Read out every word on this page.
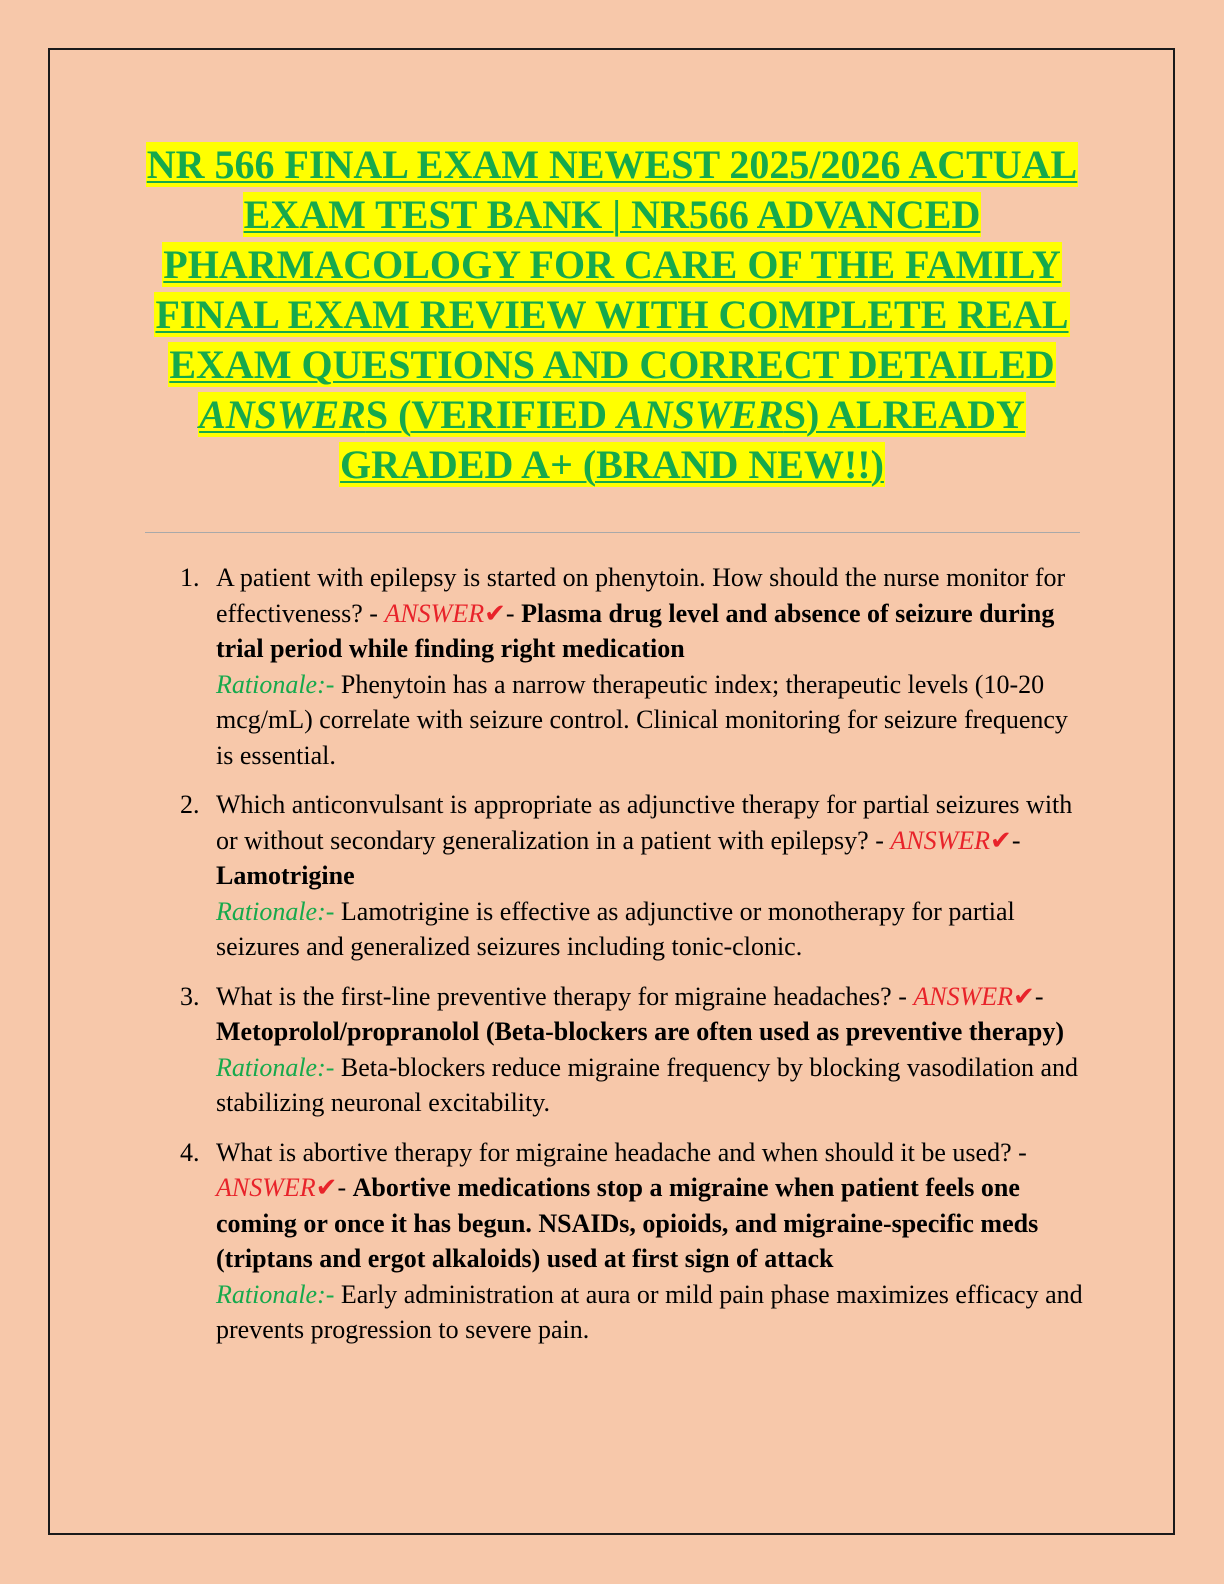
NR 566 FINAL EXAM NEWEST 2025/2026 ACTUAL EXAM TEST BANK | NR566 ADVANCED PHARMACOLOGY FOR CARE OF THE FAMILY FINAL EXAM REVIEW WITH COMPLETE REAL EXAM QUESTIONS AND CORRECT DETAILED ANSWERS (VERIFIED ANSWERS) ALREADY GRADED A+ (BRAND NEW!!)
1. A patient with epilepsy is started on phenytoin. How should the nurse monitor for effectiveness? - ANSWER✔- Plasma drug level and absence of seizure during trial period while finding right medication
Rationale:- Phenytoin has a narrow therapeutic index; therapeutic levels (10-20 mcg/mL) correlate with seizure control. Clinical monitoring for seizure frequency is essential.
2. Which anticonvulsant is appropriate as adjunctive therapy for partial seizures with or without secondary generalization in a patient with epilepsy? - ANSWER✔- Lamotrigine
Rationale:- Lamotrigine is effective as adjunctive or monotherapy for partial seizures and generalized seizures including tonic-clonic.
3. What is the first-line preventive therapy for migraine headaches? - ANSWER✔- Metoprolol/propranolol (Beta-blockers are often used as preventive therapy)
Rationale:- Beta-blockers reduce migraine frequency by blocking vasodilation and stabilizing neuronal excitability.
4. What is abortive therapy for migraine headache and when should it be used? - ANSWER✔- Abortive medications stop a migraine when patient feels one coming or once it has begun. NSAIDs, opioids, and migraine-specific meds (triptans and ergot alkaloids) used at first sign of attack
Rationale:- Early administration at aura or mild pain phase maximizes efficacy and prevents progression to severe pain.
